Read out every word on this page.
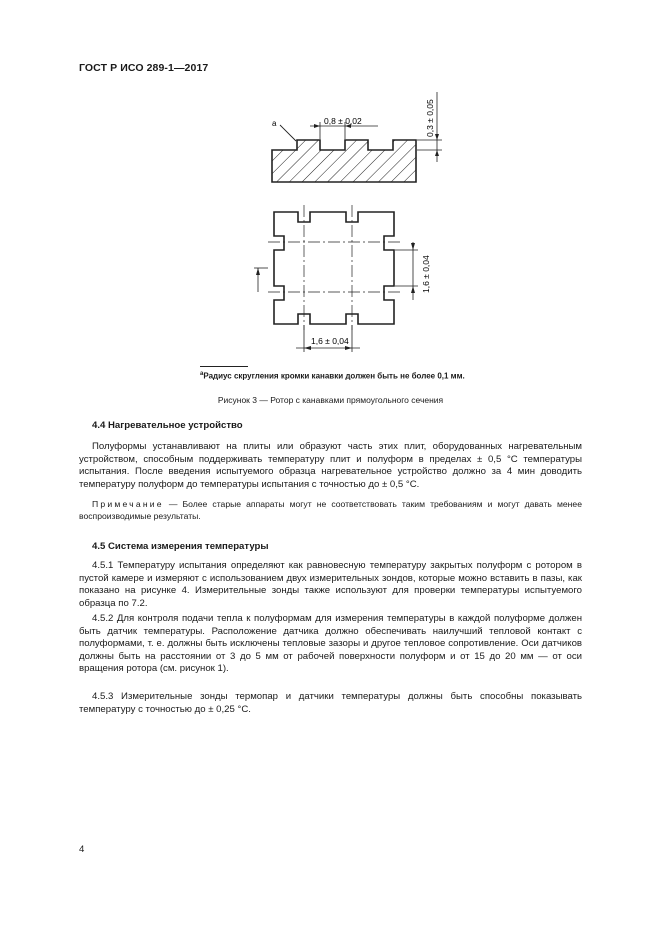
ГОСТ Р ИСО 289-1—2017
a	0,8 ± 0,02	0,3 ± 0,05
1,6 ± 0,04
1,6 ± 0,04
$^a$Радиус скругления кромки канавки должен быть не более 0,1 мм.
Рисунок 3 — Ротор с канавками прямоугольного сечения
4.4 Нагревательное устройство

Полуформы устанавливают на плиты или образуют часть этих плит, оборудованных нагревательным устройством, способным поддерживать температуру плит и полуформ в пределах ± 0,5 °С температуры испытания. После введения испытуемого образца нагревательное устройство должно за 4 мин доводить температуру полуформ до температуры испытания с точностью до ± 0,5 °С.

Примечание — Более старые аппараты могут не соответствовать таким требованиям и могут давать менее воспроизводимые результаты.

4.5 Система измерения температуры

4.5.1 Температуру испытания определяют как равновесную температуру закрытых полуформ с ротором в пустой камере и измеряют с использованием двух измерительных зондов, которые можно вставить в пазы, как показано на рисунке 4. Измерительные зонды также используют для проверки температуры испытуемого образца по 7.2.

4.5.2 Для контроля подачи тепла к полуформам для измерения температуры в каждой полуформе должен быть датчик температуры. Расположение датчика должно обеспечивать наилучший тепловой контакт с полуформами, т. е. должны быть исключены тепловые зазоры и другое тепловое сопротивление. Оси датчиков должны быть на расстоянии от 3 до 5 мм от рабочей поверхности полуформ и от 15 до 20 мм — от оси вращения ротора (см. рисунок 1).

4.5.3 Измерительные зонды термопар и датчики температуры должны быть способны показывать температуру с точностью до ± 0,25 °С.

4
